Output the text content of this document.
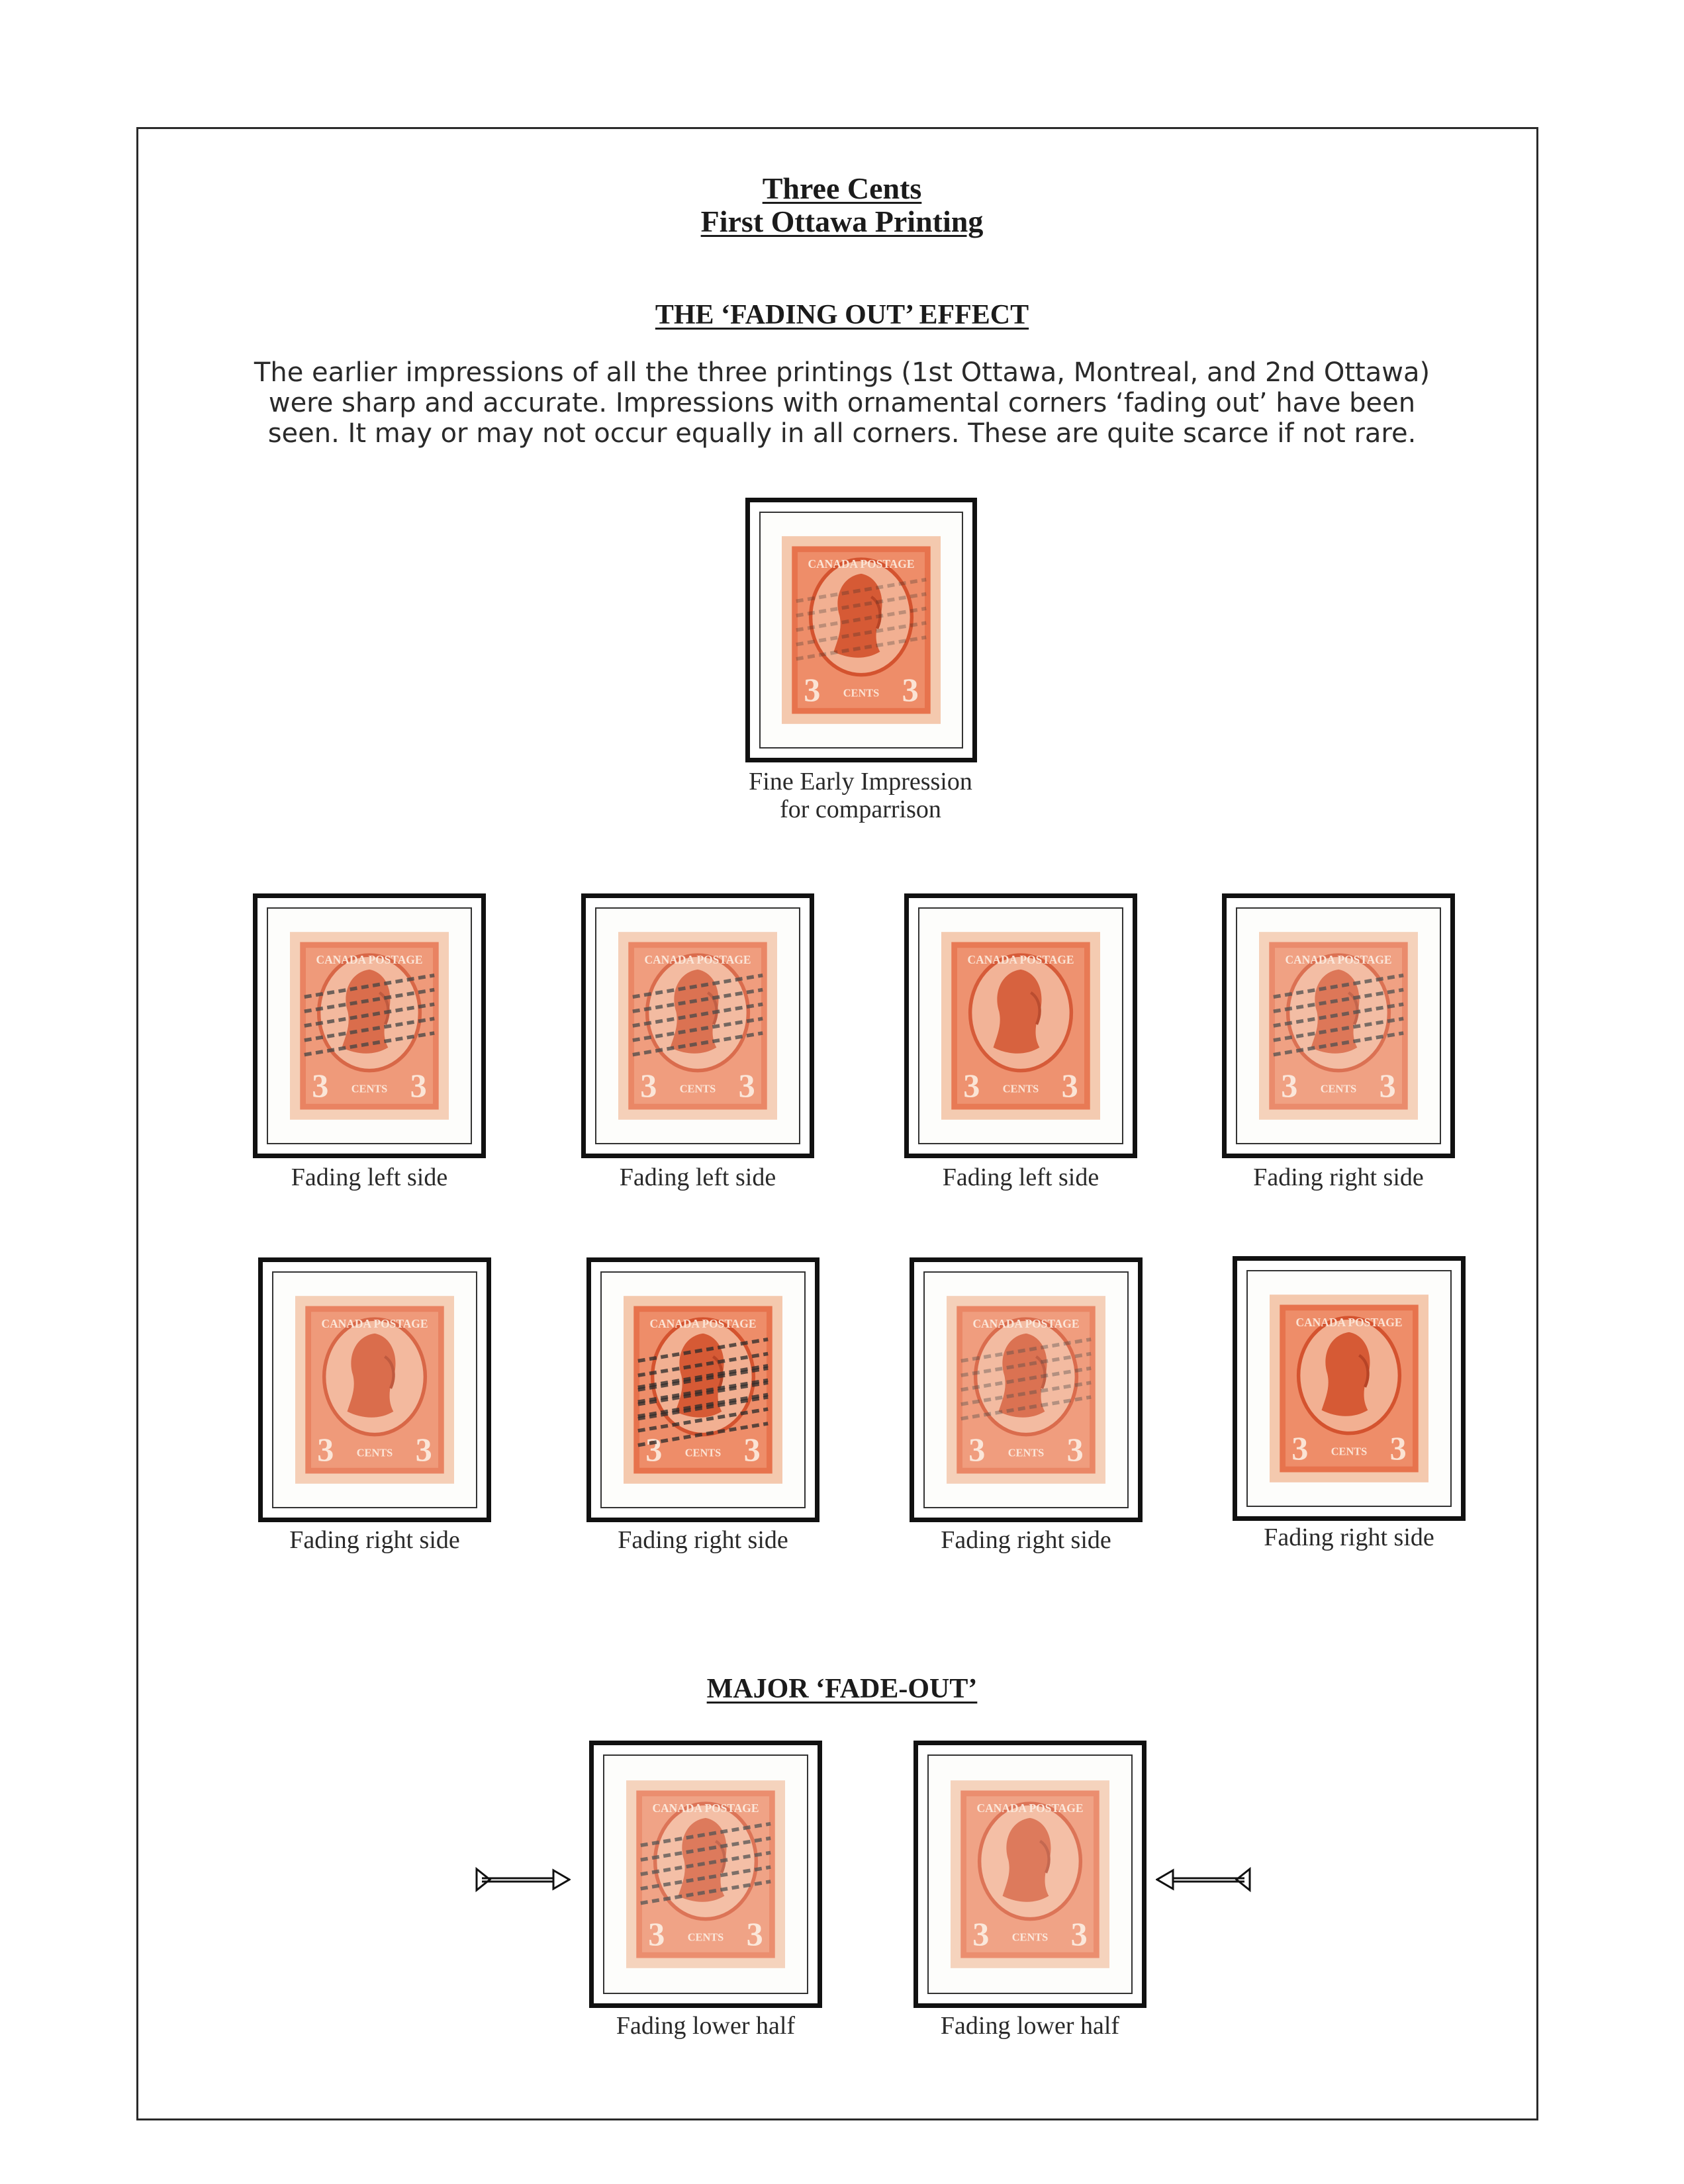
Three Cents
First Ottawa Printing
THE ‘FADING OUT’ EFFECT

The earlier impressions of all the three printings (1st Ottawa, Montreal, and 2nd Ottawa)
were sharp and accurate. Impressions with ornamental corners ‘fading out’ have been
seen. It may or may not occur equally in all corners. These are quite scarce if not rare.

Fine Early Impression
for comparrison
Fading left side	Fading left side	Fading left side	Fading right side
Fading right side	Fading right side	Fading right side	Fading right side
MAJOR ‘FADE-OUT’
Fading lower half	Fading lower half
